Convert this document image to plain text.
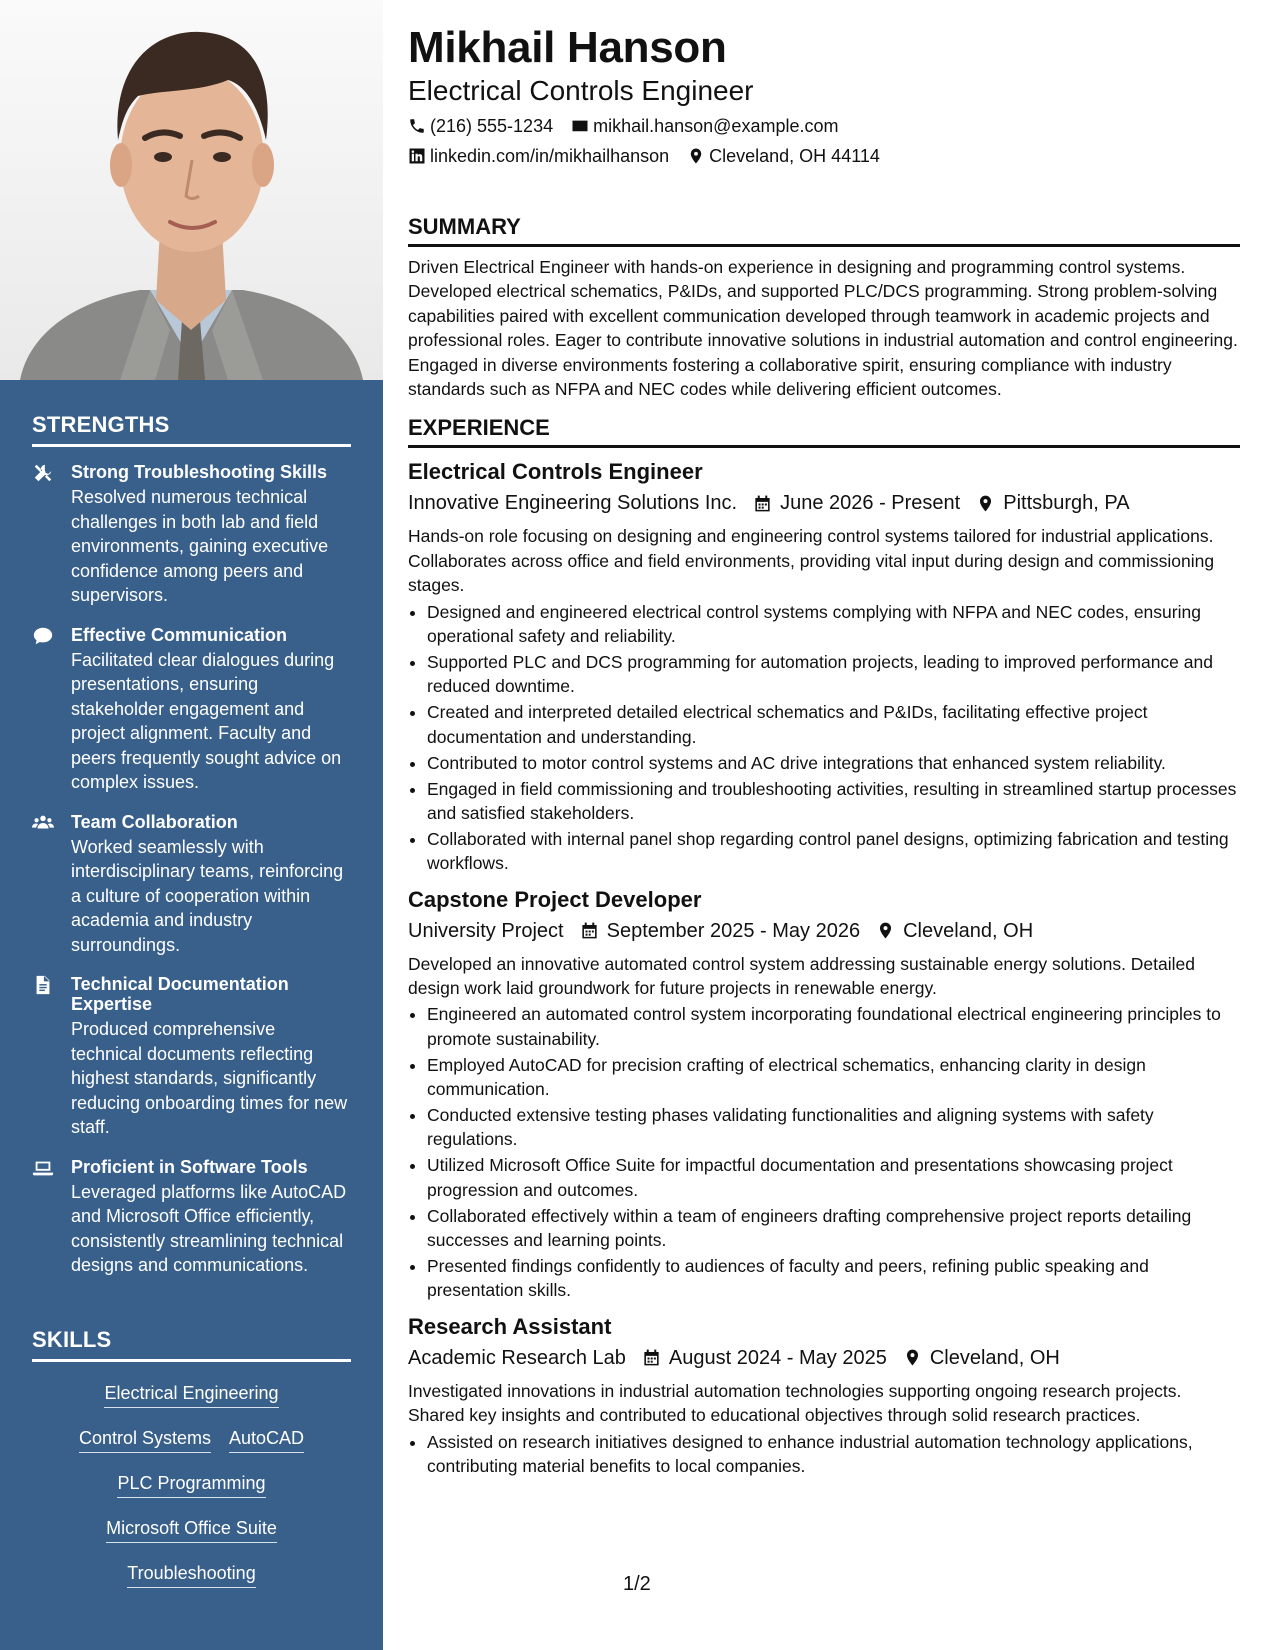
STRENGTHS
Strong Troubleshooting Skills
Resolved numerous technical challenges in both lab and field environments, gaining executive confidence among peers and supervisors.
Effective Communication
Facilitated clear dialogues during presentations, ensuring stakeholder engagement and project alignment. Faculty and peers frequently sought advice on complex issues.
Team Collaboration
Worked seamlessly with interdisciplinary teams, reinforcing a culture of cooperation within academia and industry surroundings.
Technical Documentation Expertise
Produced comprehensive technical documents reflecting highest standards, significantly reducing onboarding times for new staff.
Proficient in Software Tools
Leveraged platforms like AutoCAD and Microsoft Office efficiently, consistently streamlining technical designs and communications.
SKILLS
Electrical Engineering
Control Systems AutoCAD
PLC Programming
Microsoft Office Suite
Troubleshooting
Mikhail Hanson
Electrical Controls Engineer
(216) 555-1234 mikhail.hanson@example.com
linkedin.com/in/mikhailhanson Cleveland, OH 44114
SUMMARY

Driven Electrical Engineer with hands-on experience in designing and programming control systems. Developed electrical schematics, P&IDs, and supported PLC/DCS programming. Strong problem-solving capabilities paired with excellent communication developed through teamwork in academic projects and professional roles. Eager to contribute innovative solutions in industrial automation and control engineering. Engaged in diverse environments fostering a collaborative spirit, ensuring compliance with industry standards such as NFPA and NEC codes while delivering efficient outcomes.

EXPERIENCE
Electrical Controls Engineer
Innovative Engineering Solutions Inc. June 2026 - Present Pittsburgh, PA

Hands-on role focusing on designing and engineering control systems tailored for industrial applications. Collaborates across office and field environments, providing vital input during design and commissioning stages.

• Designed and engineered electrical control systems complying with NFPA and NEC codes, ensuring operational safety and reliability.
• Supported PLC and DCS programming for automation projects, leading to improved performance and reduced downtime.
• Created and interpreted detailed electrical schematics and P&IDs, facilitating effective project documentation and understanding.
• Contributed to motor control systems and AC drive integrations that enhanced system reliability.
• Engaged in field commissioning and troubleshooting activities, resulting in streamlined startup processes and satisfied stakeholders.
• Collaborated with internal panel shop regarding control panel designs, optimizing fabrication and testing workflows.
Capstone Project Developer
University Project September 2025 - May 2026 Cleveland, OH

Developed an innovative automated control system addressing sustainable energy solutions. Detailed design work laid groundwork for future projects in renewable energy.

• Engineered an automated control system incorporating foundational electrical engineering principles to promote sustainability.
• Employed AutoCAD for precision crafting of electrical schematics, enhancing clarity in design communication.
• Conducted extensive testing phases validating functionalities and aligning systems with safety regulations.
• Utilized Microsoft Office Suite for impactful documentation and presentations showcasing project progression and outcomes.
• Collaborated effectively within a team of engineers drafting comprehensive project reports detailing successes and learning points.
• Presented findings confidently to audiences of faculty and peers, refining public speaking and presentation skills.
Research Assistant
Academic Research Lab August 2024 - May 2025 Cleveland, OH

Investigated innovations in industrial automation technologies supporting ongoing research projects. Shared key insights and contributed to educational objectives through solid research practices.

• Assisted on research initiatives designed to enhance industrial automation technology applications, contributing material benefits to local companies.
1/2
